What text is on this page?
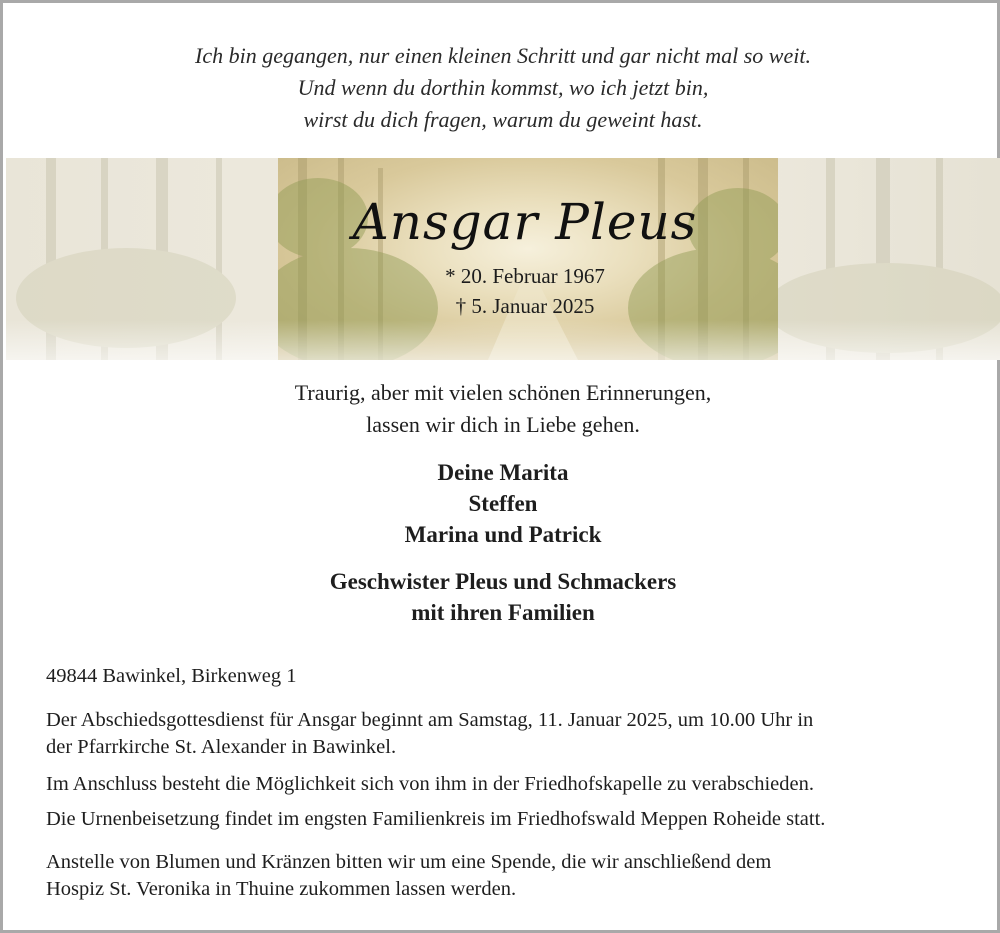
Ich bin gegangen, nur einen kleinen Schritt und gar nicht mal so weit.
Und wenn du dorthin kommst, wo ich jetzt bin,
wirst du dich fragen, warum du geweint hast.
Ansgar Pleus
* 20. Februar 1967
† 5. Januar 2025
Traurig, aber mit vielen schönen Erinnerungen,
lassen wir dich in Liebe gehen.
Deine Marita
Steffen
Marina und Patrick
Geschwister Pleus und Schmackers
mit ihren Familien
49844 Bawinkel, Birkenweg 1
Der Abschiedsgottesdienst für Ansgar beginnt am Samstag, 11. Januar 2025, um 10.00 Uhr in
der Pfarrkirche St. Alexander in Bawinkel.
Im Anschluss besteht die Möglichkeit sich von ihm in der Friedhofskapelle zu verabschieden.
Die Urnenbeisetzung findet im engsten Familienkreis im Friedhofswald Meppen Roheide statt.
Anstelle von Blumen und Kränzen bitten wir um eine Spende, die wir anschließend dem
Hospiz St. Veronika in Thuine zukommen lassen werden.
